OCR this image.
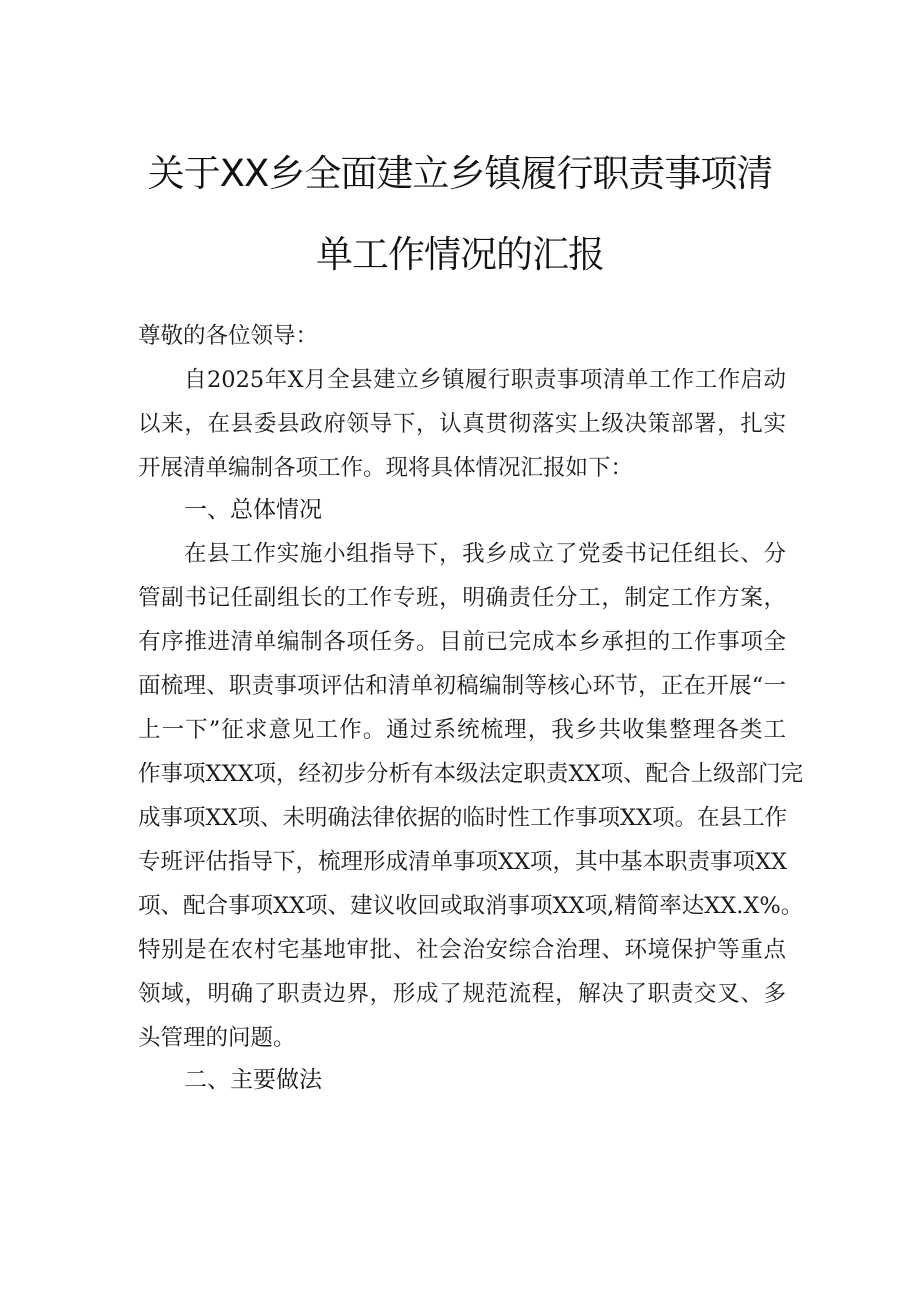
关于XX乡全面建立乡镇履行职责事项清
单工作情况的汇报
尊敬的各位领导：
自2025年X月全县建立乡镇履行职责事项清单工作工作启动
以来，在县委县政府领导下，认真贯彻落实上级决策部署，扎实
开展清单编制各项工作。现将具体情况汇报如下：
一、总体情况
在县工作实施小组指导下，我乡成立了党委书记任组长、分
管副书记任副组长的工作专班，明确责任分工，制定工作方案，
有序推进清单编制各项任务。目前已完成本乡承担的工作事项全
面梳理、职责事项评估和清单初稿编制等核心环节，正在开展“一
上一下”征求意见工作。通过系统梳理，我乡共收集整理各类工
作事项XXX项，经初步分析有本级法定职责XX项、配合上级部门完
成事项XX项、未明确法律依据的临时性工作事项XX项。在县工作
专班评估指导下，梳理形成清单事项XX项，其中基本职责事项XX
项、配合事项XX项、建议收回或取消事项XX项,精简率达XX.X%。
特别是在农村宅基地审批、社会治安综合治理、环境保护等重点
领域，明确了职责边界，形成了规范流程，解决了职责交叉、多
头管理的问题。
二、主要做法
